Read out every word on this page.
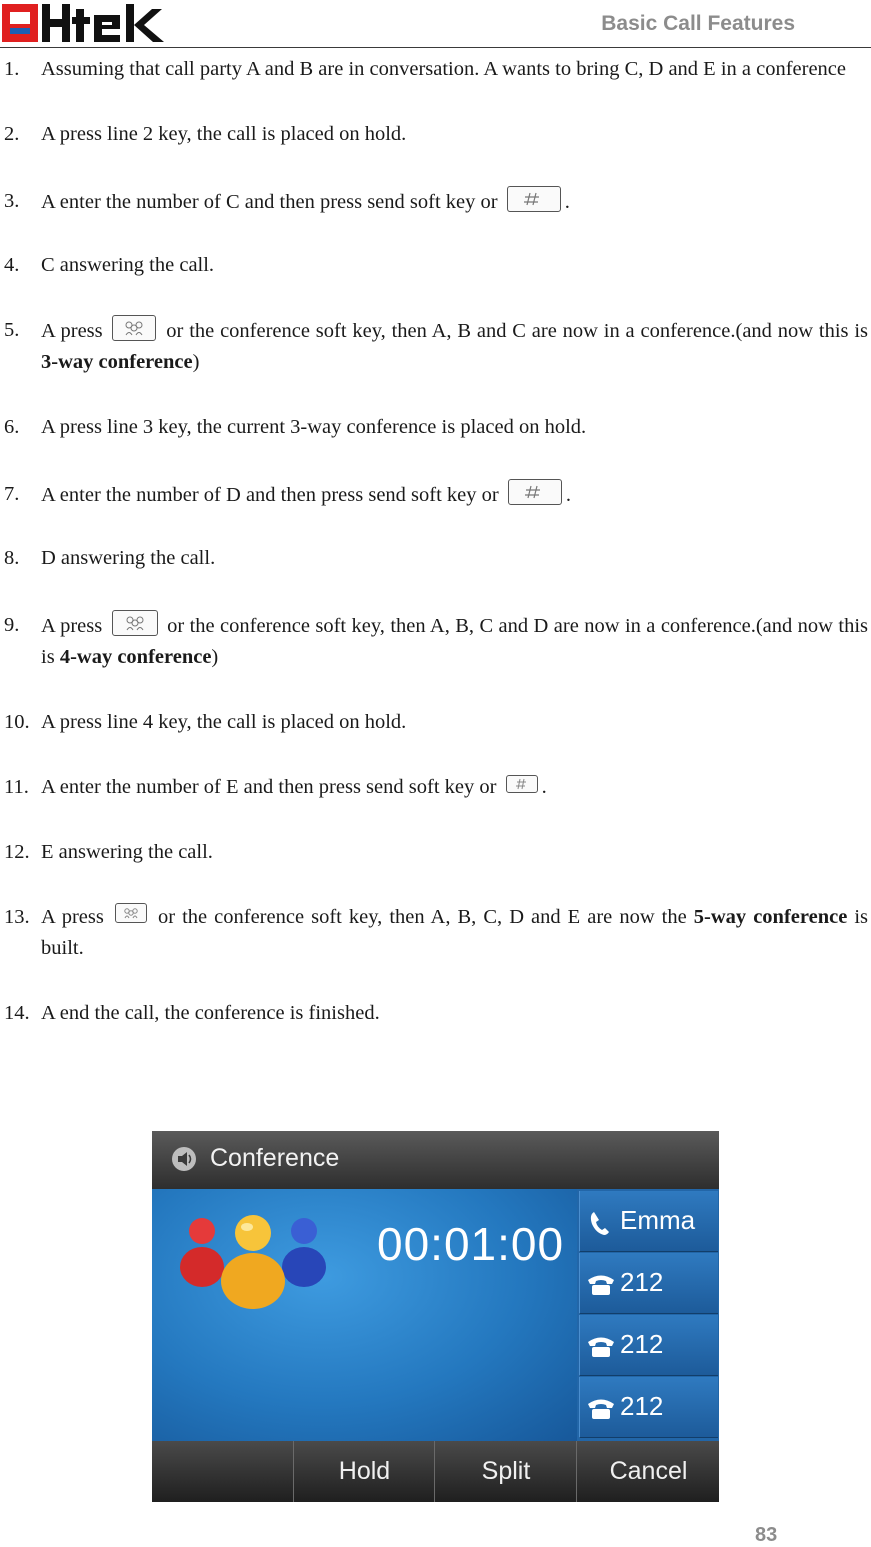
Basic Call Features
1. Assuming that call party A and B are in conversation. A wants to bring C, D and E in a conference
2. A press line 2 key, the call is placed on hold.
3. A enter the number of C and then press send soft key or	.
4. C answering the call.
5. A press	or the conference soft key, then A, B and C are now in a conference.(and now this is 3-way conference)
6. A press line 3 key, the current 3-way conference is placed on hold.
7. A enter the number of D and then press send soft key or	.
8. D answering the call.
9. A press	or the conference soft key, then A, B, C and D are now in a conference.(and now this is 4-way conference)
10. A press line 4 key, the call is placed on hold.
11. A enter the number of E and then press send soft key or .
12. E answering the call.
13. A press	or the conference soft key, then A, B, C, D and E are now the 5-way conference is built.
14. A end the call, the conference is finished.
Conference
00:01:00 Emma
212
212
212
Hold	Split	Cancel
83
